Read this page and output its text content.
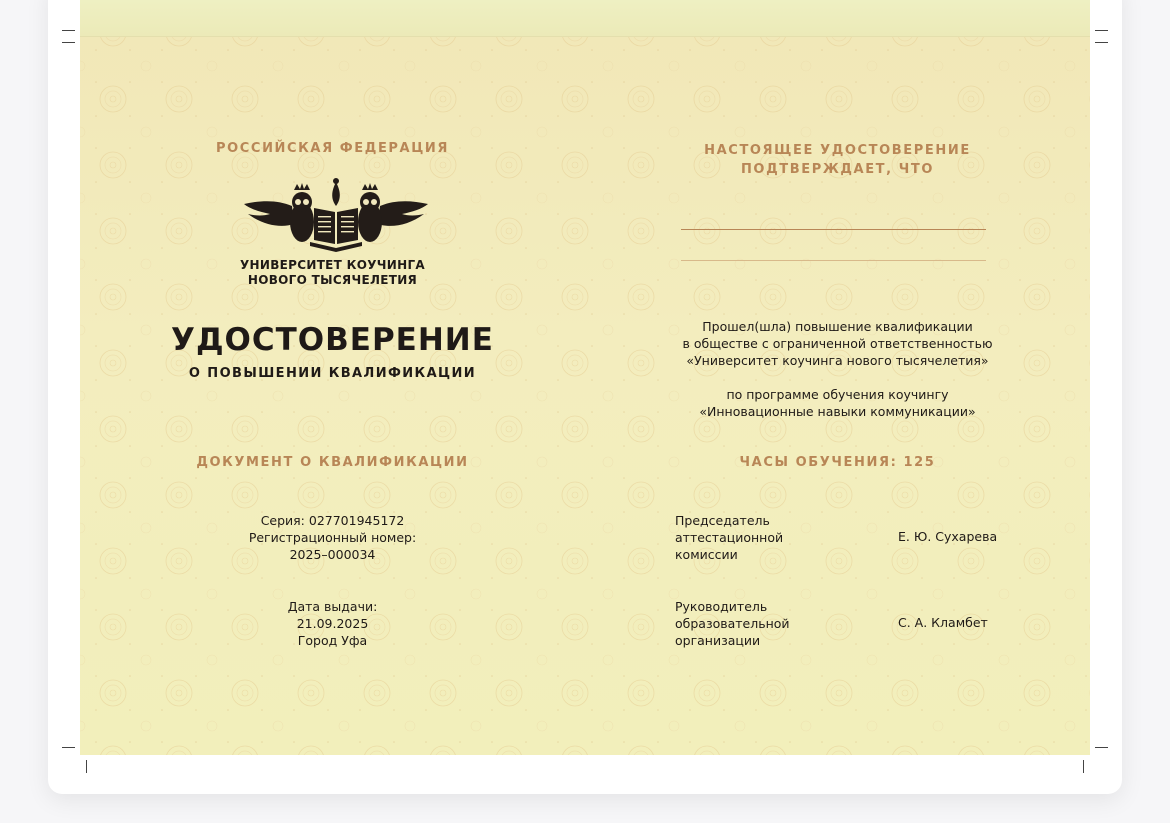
РОССИЙСКАЯ ФЕДЕРАЦИЯ
УНИВЕРСИТЕТ КОУЧИНГА
НОВОГО ТЫСЯЧЕЛЕТИЯ
УДОСТОВЕРЕНИЕ
О ПОВЫШЕНИИ КВАЛИФИКАЦИИ
ДОКУМЕНТ О КВАЛИФИКАЦИИ
Серия: 027701945172
Регистрационный номер:
2025–000034
Дата выдачи:
21.09.2025
Город Уфа
НАСТОЯЩЕЕ УДОСТОВЕРЕНИЕ
ПОДТВЕРЖДАЕТ, ЧТО
Прошел(шла) повышение квалификации
в обществе с ограниченной ответственностью
«Университет коучинга нового тысячелетия»
по программе обучения коучингу
«Инновационные навыки коммуникации»
ЧАСЫ ОБУЧЕНИЯ: 125
Председатель
аттестационной
комиссии
Е. Ю. Сухарева
Руководитель
образовательной
организации
С. А. Кламбет
